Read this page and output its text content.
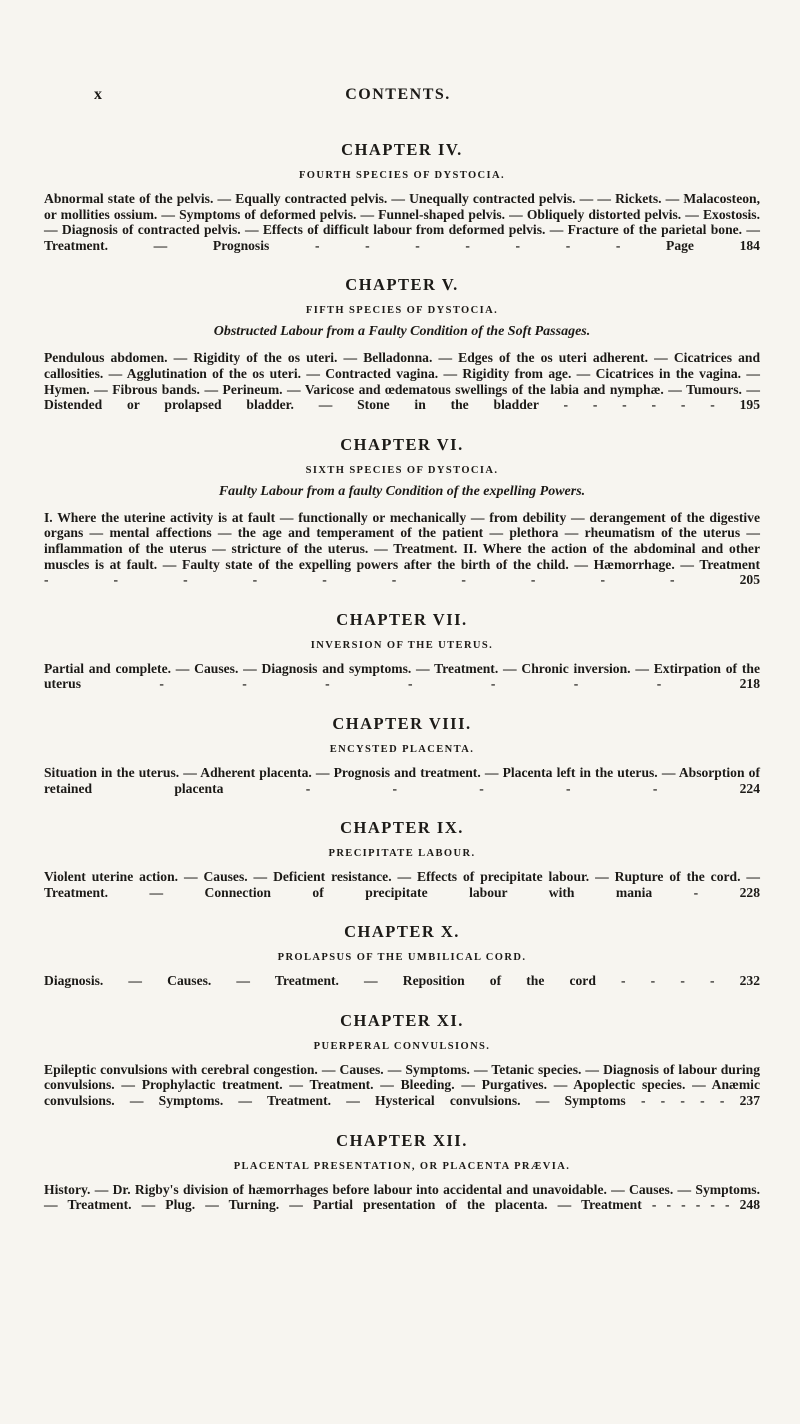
x	CONTENTS.
CHAPTER IV.
FOURTH SPECIES OF DYSTOCIA.

Abnormal state of the pelvis. — Equally contracted pelvis. — Unequally contracted pelvis. — — Rickets. — Malacosteon, or mollities ossium. — Symptoms of deformed pelvis. — Funnel-shaped pelvis. — Obliquely distorted pelvis. — Exostosis. — Diagnosis of contracted pelvis. — Effects of difficult labour from deformed pelvis. — Fracture of the parietal bone. — Treatment. — Prognosis	- - - - - - -	Page 184

CHAPTER V.
FIFTH SPECIES OF DYSTOCIA.
Obstructed Labour from a Faulty Condition of the Soft Passages.

Pendulous abdomen. — Rigidity of the os uteri. — Belladonna. — Edges of the os uteri adherent. — Cicatrices and callosities. — Agglutination of the os uteri. — Contracted vagina. — Rigidity from age. — Cicatrices in the vagina. — Hymen. — Fibrous bands. — Perineum. — Varicose and œdematous swellings of the labia and nymphæ. — Tumours. — Distended or prolapsed bladder. — Stone in the bladder - - - - - - 195

CHAPTER VI.
SIXTH SPECIES OF DYSTOCIA.
Faulty Labour from a faulty Condition of the expelling Powers.

I. Where the uterine activity is at fault — functionally or mechanically — from debility — derangement of the digestive organs — mental affections — the age and temperament of the patient — plethora — rheumatism of the uterus — inflammation of the uterus — stricture of the uterus. — Treatment. II. Where the action of the abdominal and other muscles is at fault. — Faulty state of the expelling powers after the birth of the child. — Hæmorrhage. — Treatment - - - - - - - - - -	205

CHAPTER VII.
INVERSION OF THE UTERUS.

Partial and complete. — Causes. — Diagnosis and symptoms. — Treatment. — Chronic inversion. — Extirpation of the uterus	- - - - - - -	218

CHAPTER VIII.
ENCYSTED PLACENTA.

Situation in the uterus. — Adherent placenta. — Prognosis and treatment. — Placenta left in the uterus. — Absorption of retained placenta	- - - - -	224

CHAPTER IX.
PRECIPITATE LABOUR.

Violent uterine action. — Causes. — Deficient resistance. — Effects of precipitate labour. — Rupture of the cord. — Treatment. — Connection of precipitate labour with mania	-	228

CHAPTER X.
PROLAPSUS OF THE UMBILICAL CORD.

Diagnosis. — Causes. — Treatment. — Reposition of the cord - - - - 232

CHAPTER XI.
PUERPERAL CONVULSIONS.

Epileptic convulsions with cerebral congestion. — Causes. — Symptoms. — Tetanic species. — Diagnosis of labour during convulsions. — Prophylactic treatment. — Treatment. — Bleeding. — Purgatives. — Apoplectic species. — Anæmic convulsions. — Symptoms. — Treatment. — Hysterical convulsions. — Symptoms - - - - - 237

CHAPTER XII.
PLACENTAL PRESENTATION, OR PLACENTA PRÆVIA.

History. — Dr. Rigby's division of hæmorrhages before labour into accidental and unavoidable. — Causes. — Symptoms. — Treatment. — Plug. — Turning. — Partial presentation of the placenta. — Treatment - - - - - - 248
